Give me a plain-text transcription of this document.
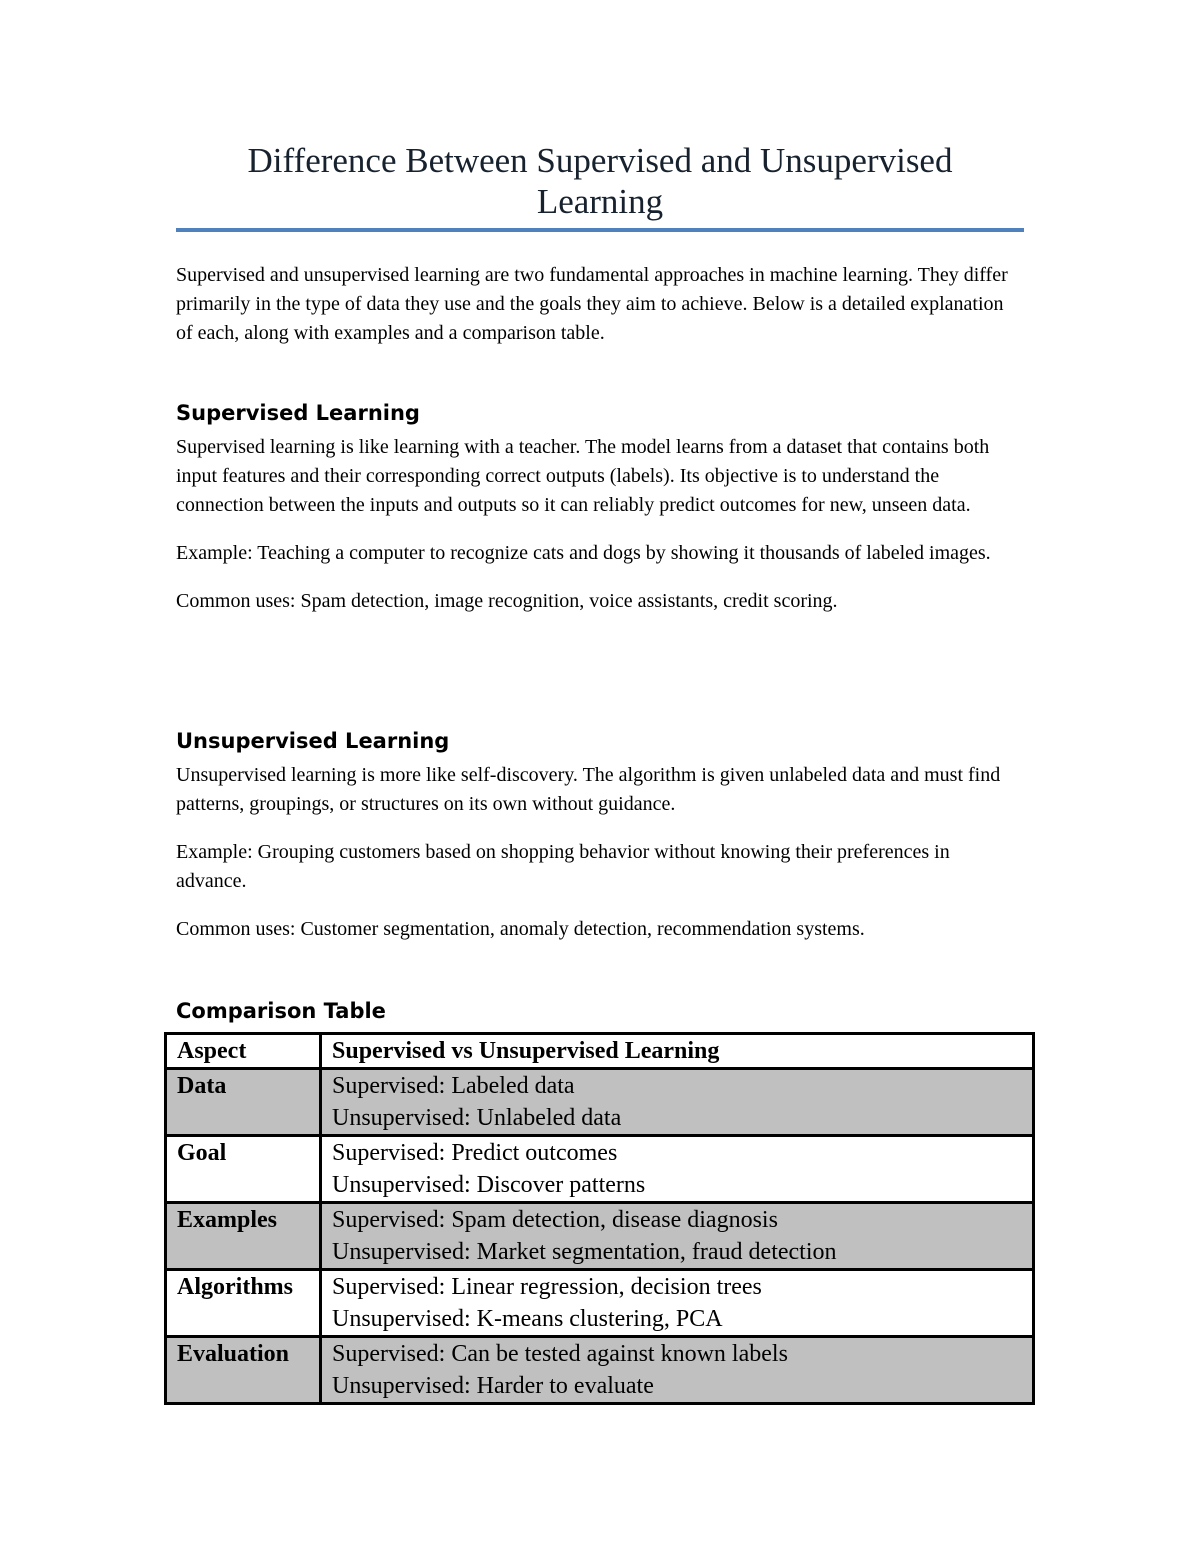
Difference Between Supervised and Unsupervised
Learning

Supervised and unsupervised learning are two fundamental approaches in machine learning. They differ primarily in the type of data they use and the goals they aim to achieve. Below is a detailed explanation of each, along with examples and a comparison table.

Supervised Learning

Supervised learning is like learning with a teacher. The model learns from a dataset that contains both input features and their corresponding correct outputs (labels). Its objective is to understand the connection between the inputs and outputs so it can reliably predict outcomes for new, unseen data.

Example: Teaching a computer to recognize cats and dogs by showing it thousands of labeled images.

Common uses: Spam detection, image recognition, voice assistants, credit scoring.

Unsupervised Learning

Unsupervised learning is more like self-discovery. The algorithm is given unlabeled data and must find patterns, groupings, or structures on its own without guidance.

Example: Grouping customers based on shopping behavior without knowing their preferences in advance.

Common uses: Customer segmentation, anomaly detection, recommendation systems.

Comparison Table
Aspect	Supervised vs Unsupervised Learning
Data	Supervised: Labeled data
Unsupervised: Unlabeled data

Goal	Supervised: Predict outcomes
Unsupervised: Discover patterns

Examples	Supervised: Spam detection, disease diagnosis
Unsupervised: Market segmentation, fraud detection

Algorithms	Supervised: Linear regression, decision trees
Unsupervised: K-means clustering, PCA

Evaluation	Supervised: Can be tested against known labels
Unsupervised: Harder to evaluate
